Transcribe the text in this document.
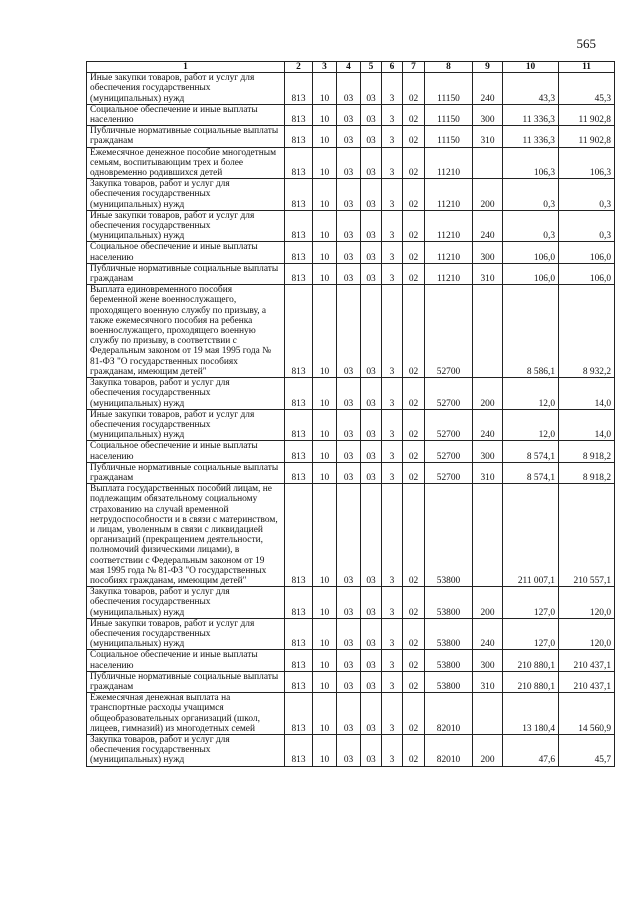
565
1	2	3	4	5	6	7	8	9	10	11
Иные закупки товаров, работ и услуг для обеспечения государственных (муниципальных) нужд	813	10	03	03	3	02	11150	240	43,3	45,3
Социальное обеспечение и иные выплаты населению	813	10	03	03	3	02	11150	300	11 336,3	11 902,8
Публичные нормативные социальные выплаты гражданам	813	10	03	03	3	02	11150	310	11 336,3	11 902,8
Ежемесячное денежное пособие многодетным семьям, воспитывающим трех и более одновременно родившихся детей	813	10	03	03	3	02	11210		106,3	106,3
Закупка товаров, работ и услуг для обеспечения государственных (муниципальных) нужд	813	10	03	03	3	02	11210	200	0,3	0,3
Иные закупки товаров, работ и услуг для обеспечения государственных (муниципальных) нужд	813	10	03	03	3	02	11210	240	0,3	0,3
Социальное обеспечение и иные выплаты населению	813	10	03	03	3	02	11210	300	106,0	106,0
Публичные нормативные социальные выплаты гражданам	813	10	03	03	3	02	11210	310	106,0	106,0
Выплата единовременного пособия беременной жене военнослужащего, проходящего военную службу по призыву, а также ежемесячного пособия на ребенка военнослужащего, проходящего военную службу по призыву, в соответствии с Федеральным законом от 19 мая 1995 года № 81-ФЗ "О государственных пособиях гражданам, имеющим детей"	813	10	03	03	3	02	52700		8 586,1	8 932,2
Закупка товаров, работ и услуг для обеспечения государственных (муниципальных) нужд	813	10	03	03	3	02	52700	200	12,0	14,0
Иные закупки товаров, работ и услуг для обеспечения государственных (муниципальных) нужд	813	10	03	03	3	02	52700	240	12,0	14,0
Социальное обеспечение и иные выплаты населению	813	10	03	03	3	02	52700	300	8 574,1	8 918,2
Публичные нормативные социальные выплаты гражданам	813	10	03	03	3	02	52700	310	8 574,1	8 918,2
Выплата государственных пособий лицам, не подлежащим обязательному социальному страхованию на случай временной нетрудоспособности и в связи с материнством, и лицам, уволенным в связи с ликвидацией организаций (прекращением деятельности, полномочий физическими лицами), в соответствии с Федеральным законом от 19 мая 1995 года № 81-ФЗ "О государственных пособиях гражданам, имеющим детей"	813	10	03	03	3	02	53800		211 007,1	210 557,1
Закупка товаров, работ и услуг для обеспечения государственных (муниципальных) нужд	813	10	03	03	3	02	53800	200	127,0	120,0
Иные закупки товаров, работ и услуг для обеспечения государственных (муниципальных) нужд	813	10	03	03	3	02	53800	240	127,0	120,0
Социальное обеспечение и иные выплаты населению	813	10	03	03	3	02	53800	300	210 880,1	210 437,1
Публичные нормативные социальные выплаты гражданам	813	10	03	03	3	02	53800	310	210 880,1	210 437,1
Ежемесячная денежная выплата на транспортные расходы учащимся общеобразовательных организаций (школ, лицеев, гимназий) из многодетных семей	813	10	03	03	3	02	82010		13 180,4	14 560,9
Закупка товаров, работ и услуг для обеспечения государственных (муниципальных) нужд	813	10	03	03	3	02	82010	200	47,6	45,7
